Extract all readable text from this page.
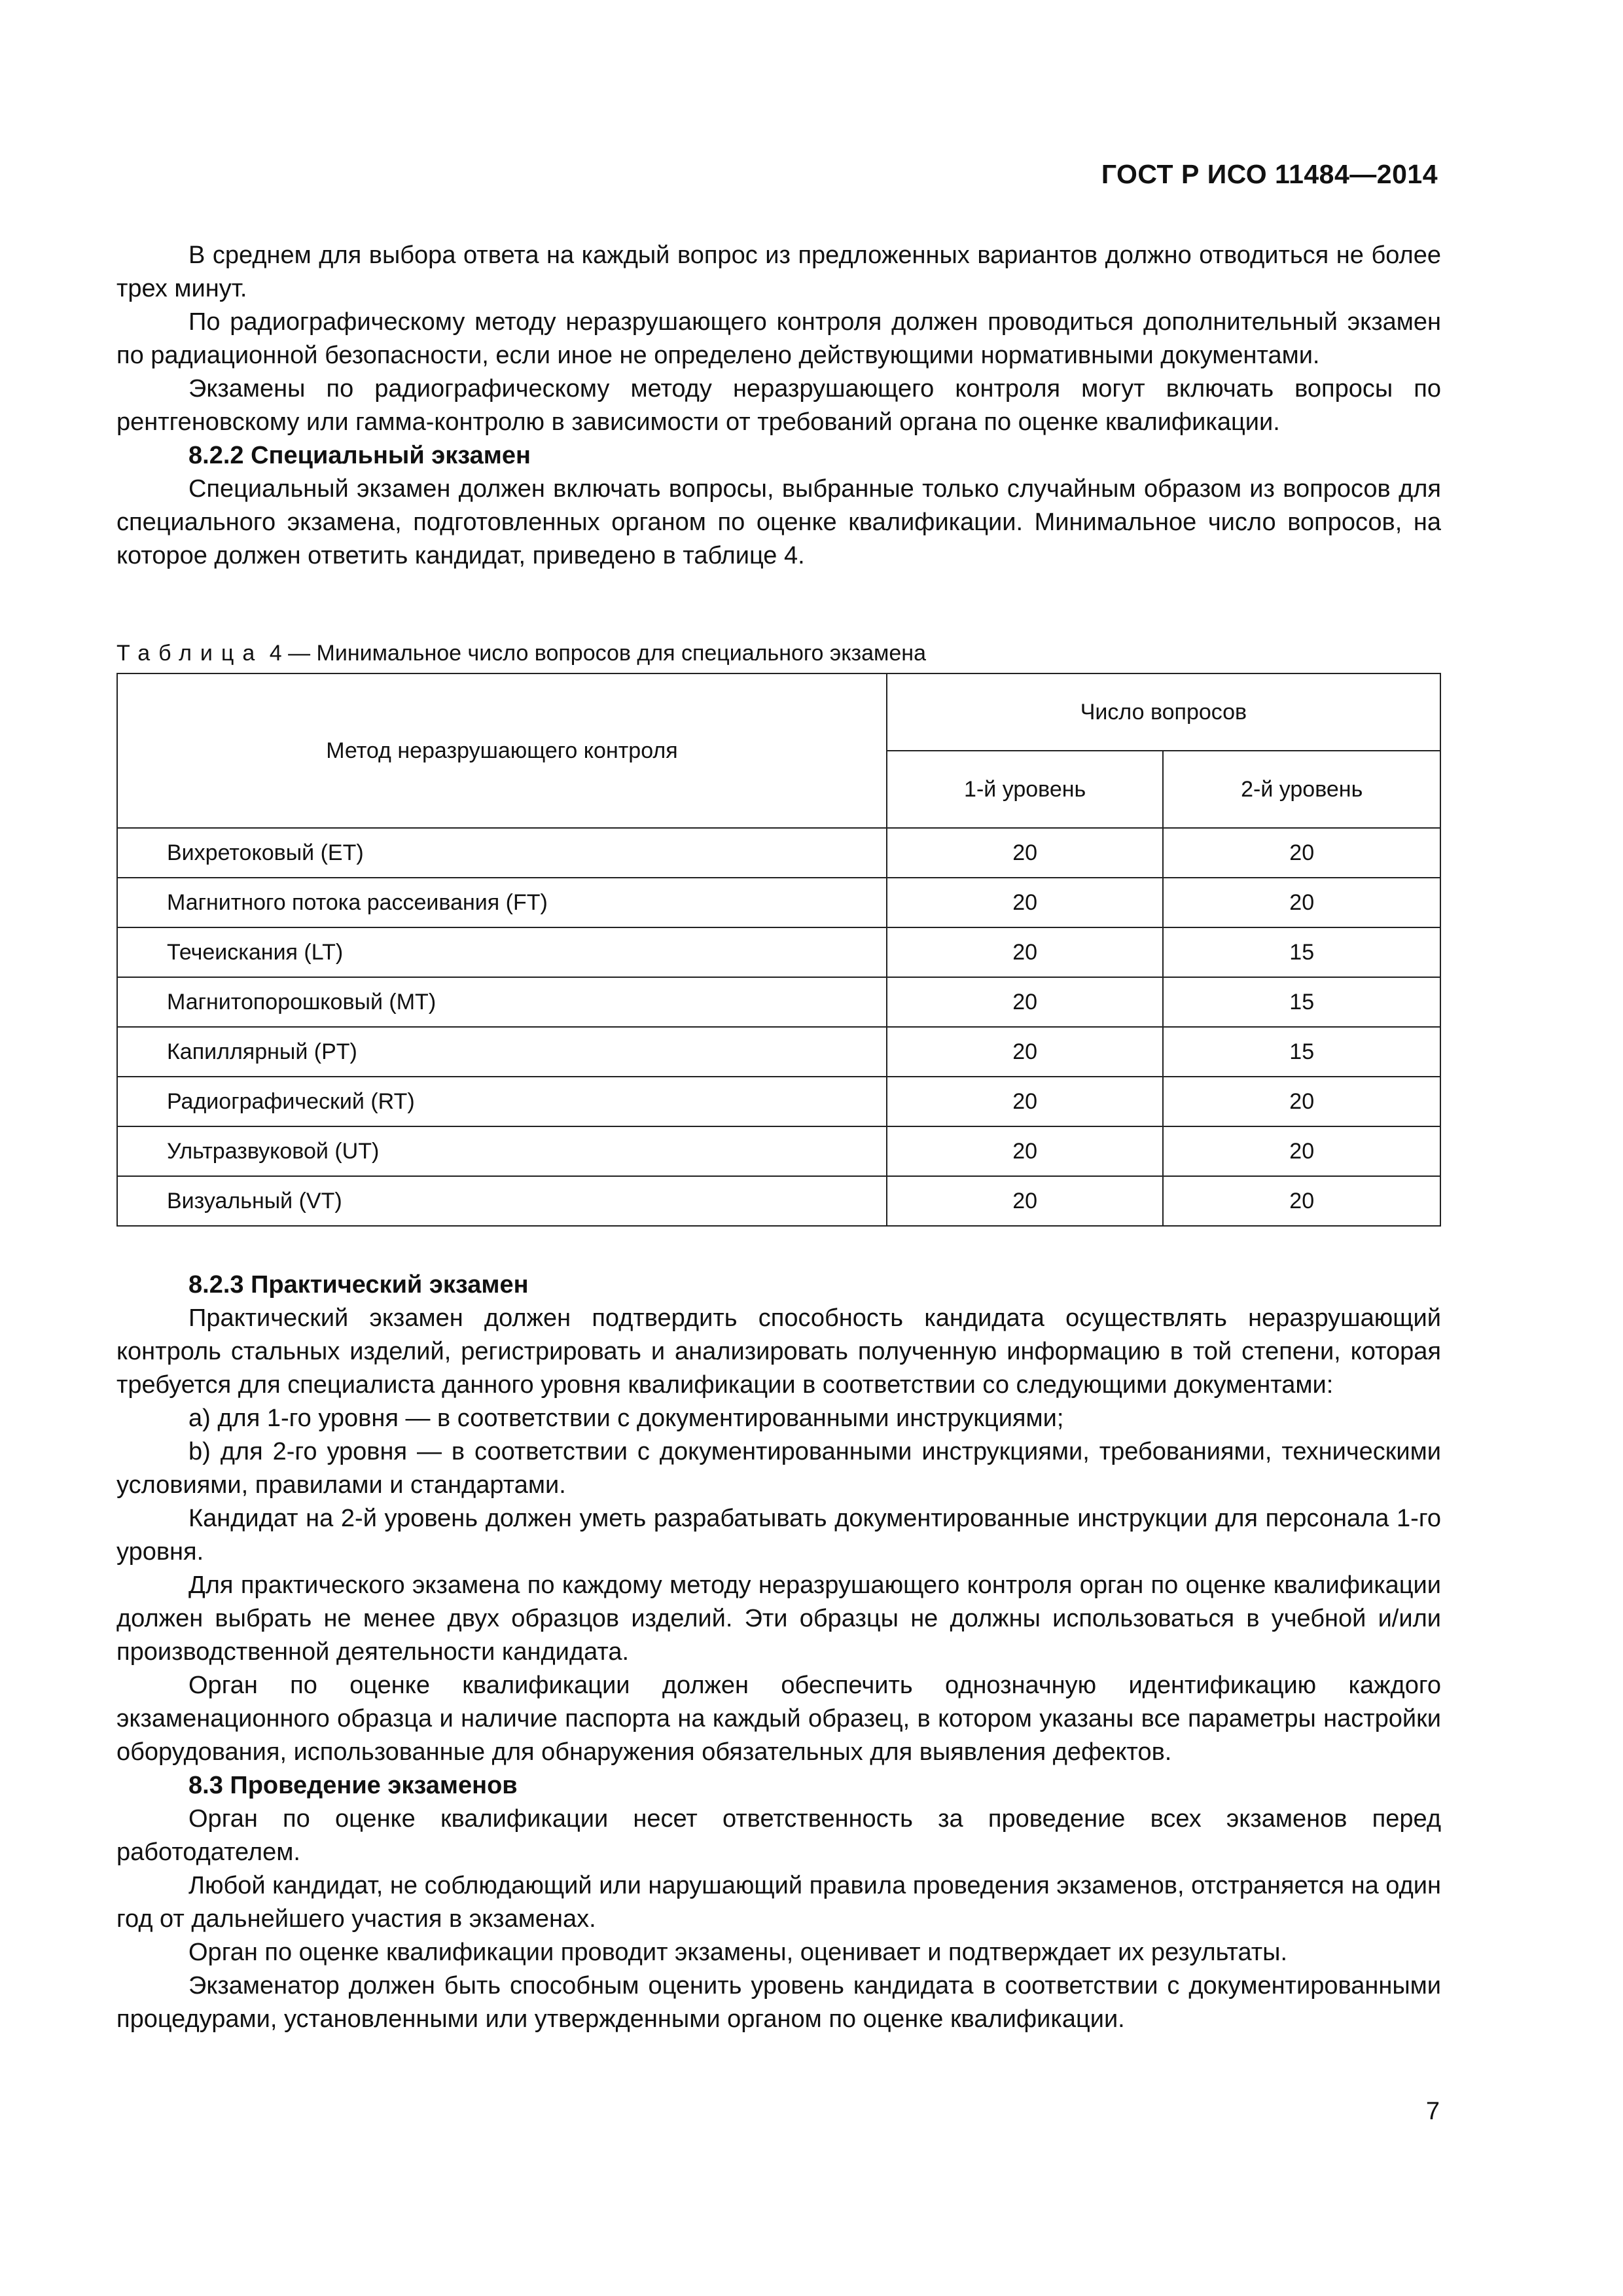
ГОСТ Р ИСО 11484—2014

В среднем для выбора ответа на каждый вопрос из предложенных вариантов должно отводиться не более трех минут.

По радиографическому методу неразрушающего контроля должен проводиться дополнительный экзамен по радиационной безопасности, если иное не определено действующими нормативными документами.

Экзамены по радиографическому методу неразрушающего контроля могут включать вопросы по рентгеновскому или гамма-контролю в зависимости от требований органа по оценке квалификации.

8.2.2 Специальный экзамен

Специальный экзамен должен включать вопросы, выбранные только случайным образом из вопросов для специального экзамена, подготовленных органом по оценке квалификации. Минимальное число вопросов, на которое должен ответить кандидат, приведено в таблице 4.

Таблица 4 — Минимальное число вопросов для специального экзамена
Метод неразрушающего контроля	Число вопросов	
	1-й уровень	2-й уровень
Вихретоковый (ET)	20	20
Магнитного потока рассеивания (FT)	20	20
Течеискания (LT)	20	15
Магнитопорошковый (MT)	20	15
Капиллярный (PT)	20	15
Радиографический (RT)	20	20
Ультразвуковой (UT)	20	20
Визуальный (VT)	20	20

8.2.3 Практический экзамен

Практический экзамен должен подтвердить способность кандидата осуществлять неразрушающий контроль стальных изделий, регистрировать и анализировать полученную информацию в той степени, которая требуется для специалиста данного уровня квалификации в соответствии со следующими документами:

a) для 1-го уровня — в соответствии с документированными инструкциями;

b) для 2-го уровня — в соответствии с документированными инструкциями, требованиями, техническими условиями, правилами и стандартами.

Кандидат на 2-й уровень должен уметь разрабатывать документированные инструкции для персонала 1-го уровня.

Для практического экзамена по каждому методу неразрушающего контроля орган по оценке квалификации должен выбрать не менее двух образцов изделий. Эти образцы не должны использоваться в учебной и/или производственной деятельности кандидата.

Орган по оценке квалификации должен обеспечить однозначную идентификацию каждого экзаменационного образца и наличие паспорта на каждый образец, в котором указаны все параметры настройки оборудования, использованные для обнаружения обязательных для выявления дефектов.

8.3 Проведение экзаменов

Орган по оценке квалификации несет ответственность за проведение всех экзаменов перед работодателем.

Любой кандидат, не соблюдающий или нарушающий правила проведения экзаменов, отстраняется на один год от дальнейшего участия в экзаменах.

Орган по оценке квалификации проводит экзамены, оценивает и подтверждает их результаты.

Экзаменатор должен быть способным оценить уровень кандидата в соответствии с документированными процедурами, установленными или утвержденными органом по оценке квалификации.

7
